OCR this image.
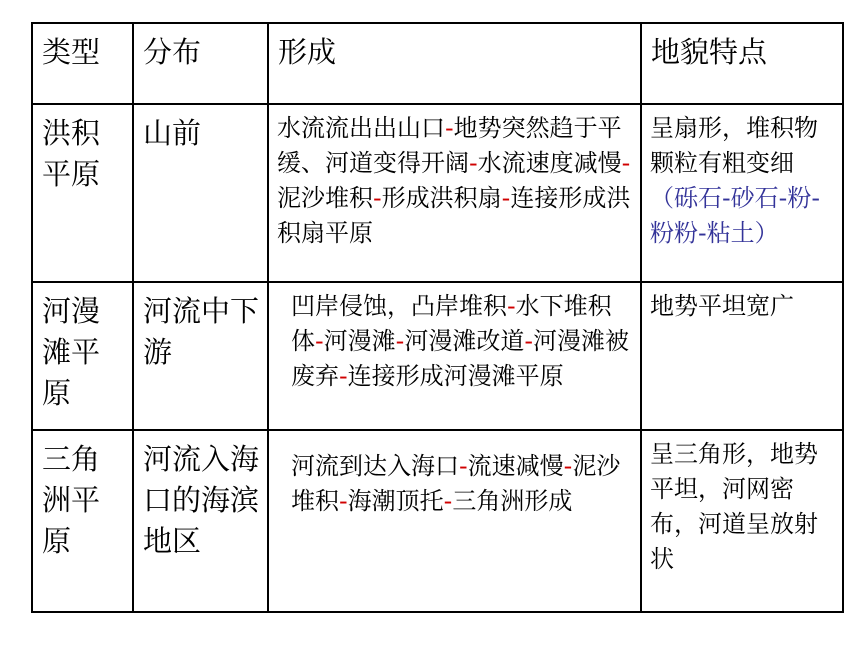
类型	分布	形成	地貌特点
洪积平原	山前	水流流出出山口-地势突然趋于平缓、河道变得开阔-水流速度减慢-泥沙堆积-形成洪积扇-连接形成洪积扇平原	呈扇形，堆积物颗粒有粗变细（砾石-砂石-粉-粉粉-粘土）
河漫滩平原	河流中下游	凹岸侵蚀，凸岸堆积-水下堆积体-河漫滩-河漫滩改道-河漫滩被废弃-连接形成河漫滩平原	地势平坦宽广
三角洲平原	河流入海口的海滨地区	河流到达入海口-流速减慢-泥沙堆积-海潮顶托-三角洲形成	呈三角形，地势平坦，河网密布，河道呈放射状
